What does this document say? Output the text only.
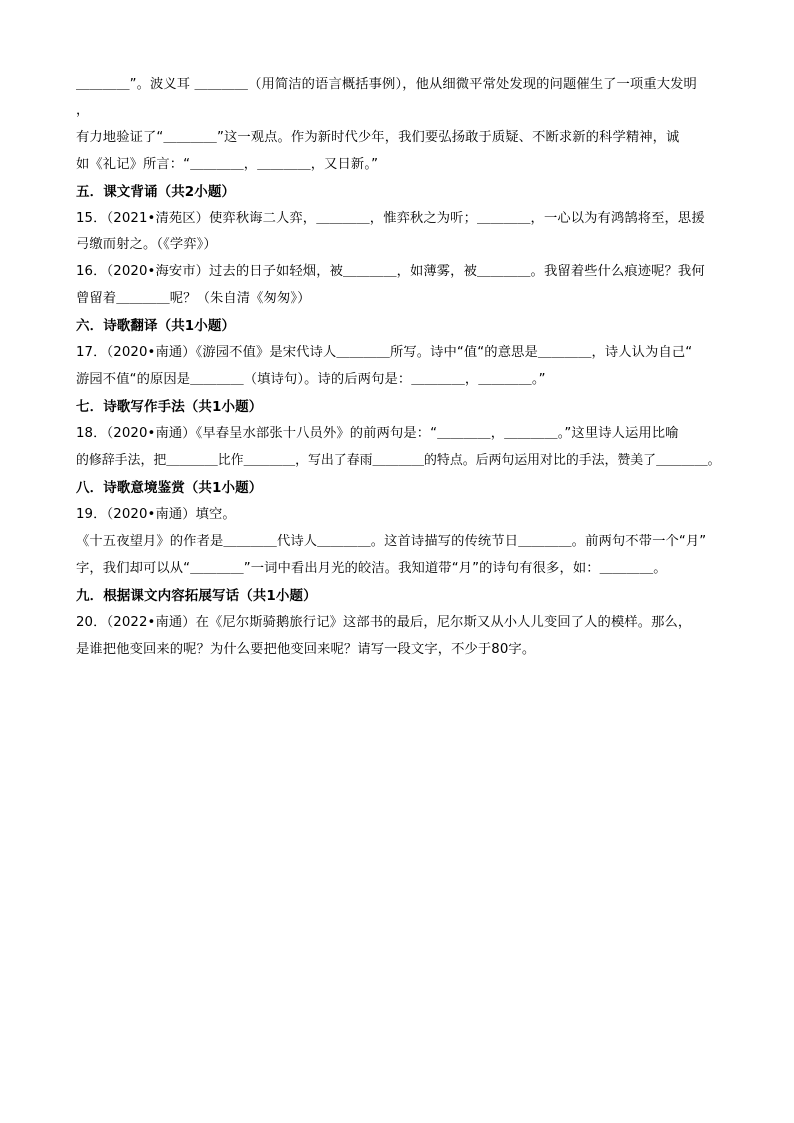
＿＿＿＿”。波义耳 ＿＿＿＿（用简洁的语言概括事例），他从细微平常处发现的问题催生了一项重大发明
，
有力地验证了“＿＿＿＿”这一观点。作为新时代少年，我们要弘扬敢于质疑、不断求新的科学精神，诚
如《礼记》所言：“＿＿＿＿，＿＿＿＿，又日新。”
五．课文背诵（共2小题）
15．（2021•清苑区）使弈秋诲二人弈，＿＿＿＿，惟弈秋之为听；＿＿＿＿，一心以为有鸿鹄将至，思援
弓缴而射之。（《学弈》）
16．（2020•海安市）过去的日子如轻烟，被＿＿＿＿，如薄雾，被＿＿＿＿。我留着些什么痕迹呢？我何
曾留着＿＿＿＿呢？（朱自清《匆匆》）
六．诗歌翻译（共1小题）
17．（2020•南通）《游园不值》是宋代诗人＿＿＿＿所写。诗中“值“的意思是＿＿＿＿，诗人认为自己“
游园不值“的原因是＿＿＿＿（填诗句）。诗的后两句是：＿＿＿＿，＿＿＿＿。”
七．诗歌写作手法（共1小题）
18．（2020•南通）《早春呈水部张十八员外》的前两句是：“＿＿＿＿，＿＿＿＿。”这里诗人运用比喻
的修辞手法，把＿＿＿＿比作＿＿＿＿，写出了春雨＿＿＿＿的特点。后两句运用对比的手法，赞美了＿＿＿＿。
八．诗歌意境鉴赏（共1小题）
19．（2020•南通）填空。
《十五夜望月》的作者是＿＿＿＿代诗人＿＿＿＿。这首诗描写的传统节日＿＿＿＿。前两句不带一个“月”
字，我们却可以从“＿＿＿＿”一词中看出月光的皎洁。我知道带“月”的诗句有很多，如：＿＿＿＿。
九．根据课文内容拓展写话（共1小题）
20．（2022•南通）在《尼尔斯骑鹅旅行记》这部书的最后，尼尔斯又从小人儿变回了人的模样。那么，
是谁把他变回来的呢？为什么要把他变回来呢？请写一段文字，不少于80字。
